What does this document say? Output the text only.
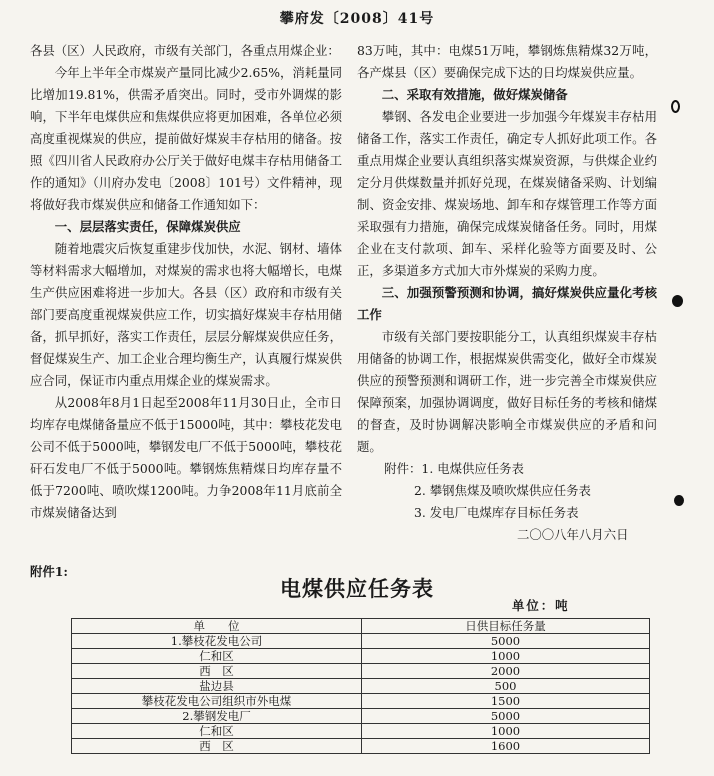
攀府发〔2008〕41号

各县（区）人民政府，市级有关部门，各重点用煤企业：

今年上半年全市煤炭产量同比减少2.65%，消耗量同比增加19.81%，供需矛盾突出。同时，受市外调煤的影响，下半年电煤供应和焦煤供应将更加困难，各单位必须高度重视煤炭的供应，提前做好煤炭丰存枯用的储备。按照《四川省人民政府办公厅关于做好电煤丰存枯用储备工作的通知》（川府办发电〔2008〕101号）文件精神，现将做好我市煤炭供应和储备工作通知如下：

一、层层落实责任，保障煤炭供应

随着地震灾后恢复重建步伐加快，水泥、钢材、墙体等材料需求大幅增加，对煤炭的需求也将大幅增长，电煤生产供应困难将进一步加大。各县（区）政府和市级有关部门要高度重视煤炭供应工作，切实搞好煤炭丰存枯用储备，抓早抓好，落实工作责任，层层分解煤炭供应任务，督促煤炭生产、加工企业合理均衡生产，认真履行煤炭供应合同，保证市内重点用煤企业的煤炭需求。

从2008年8月1日起至2008年11月30日止，全市日均库存电煤储备量应不低于15000吨，其中：攀枝花发电公司不低于5000吨，攀钢发电厂不低于5000吨，攀枝花矸石发电厂不低于5000吨。攀钢炼焦精煤日均库存量不低于7200吨、喷吹煤1200吨。力争2008年11月底前全市煤炭储备达到

83万吨，其中：电煤51万吨，攀钢炼焦精煤32万吨，各产煤县（区）要确保完成下达的日均煤炭供应量。

二、采取有效措施，做好煤炭储备

攀钢、各发电企业要进一步加强今年煤炭丰存枯用储备工作，落实工作责任，确定专人抓好此项工作。各重点用煤企业要认真组织落实煤炭资源，与供煤企业约定分月供煤数量并抓好兑现，在煤炭储备采购、计划编制、资金安排、煤炭场地、卸车和存煤管理工作等方面采取强有力措施，确保完成煤炭储备任务。同时，用煤企业在支付款项、卸车、采样化验等方面要及时、公正，多渠道多方式加大市外煤炭的采购力度。

三、加强预警预测和协调，搞好煤炭供应量化考核工作

市级有关部门要按职能分工，认真组织煤炭丰存枯用储备的协调工作，根据煤炭供需变化，做好全市煤炭供应的预警预测和调研工作，进一步完善全市煤炭供应保障预案，加强协调调度，做好目标任务的考核和储煤的督查，及时协调解决影响全市煤炭供应的矛盾和问题。

附件：1. 电煤供应任务表

2. 攀钢焦煤及喷吹煤供应任务表

3. 发电厂电煤库存目标任务表

二〇〇八年八月六日

附件1:
电煤供应任务表
单位：吨
单　　位	日供目标任务量
1.攀枝花发电公司	5000
仁和区	1000
西　区	2000
盐边县	500
攀枝花发电公司组织市外电煤	1500
2.攀钢发电厂	5000
仁和区	1000
西　区	1600
